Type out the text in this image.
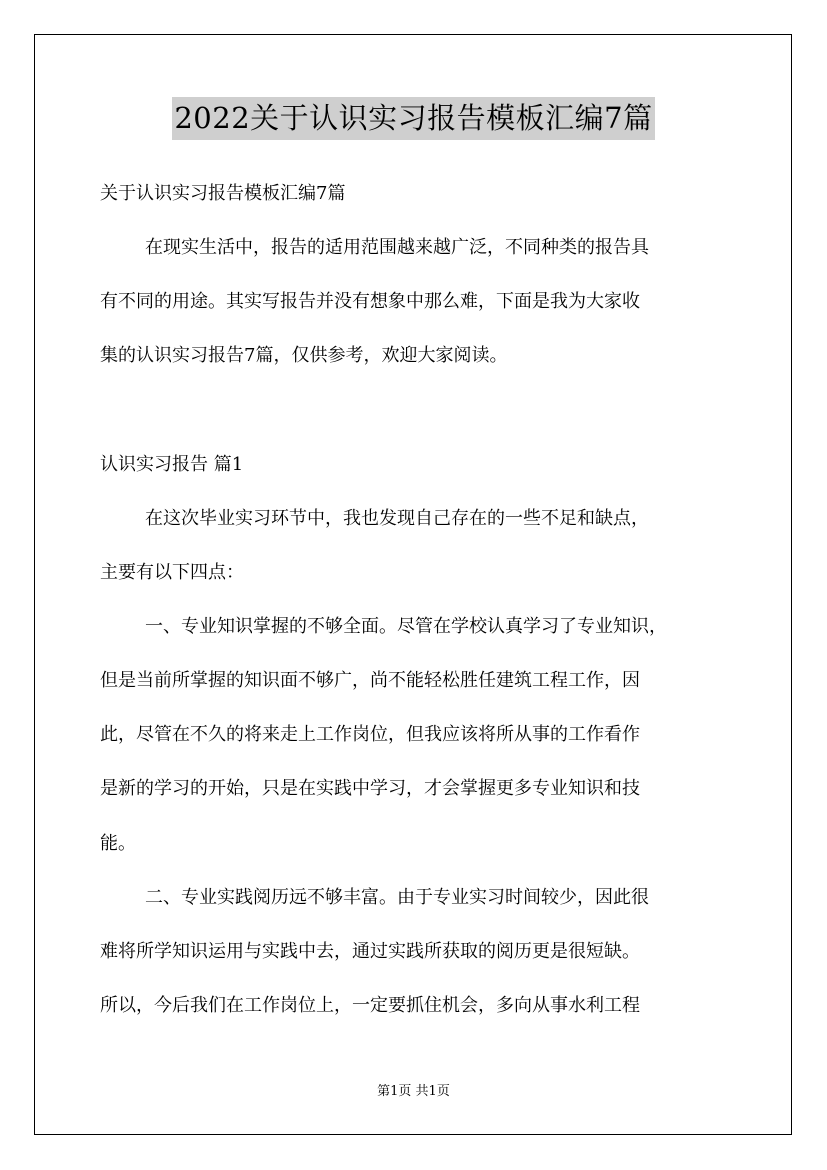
2022关于认识实习报告模板汇编7篇
关于认识实习报告模板汇编7篇
在现实生活中，报告的适用范围越来越广泛，不同种类的报告具
有不同的用途。其实写报告并没有想象中那么难，下面是我为大家收
集的认识实习报告7篇，仅供参考，欢迎大家阅读。
认识实习报告 篇1
在这次毕业实习环节中，我也发现自己存在的一些不足和缺点，
主要有以下四点：
一、专业知识掌握的不够全面。尽管在学校认真学习了专业知识，
但是当前所掌握的知识面不够广，尚不能轻松胜任建筑工程工作，因
此，尽管在不久的将来走上工作岗位，但我应该将所从事的工作看作
是新的学习的开始，只是在实践中学习，才会掌握更多专业知识和技
能。
二、专业实践阅历远不够丰富。由于专业实习时间较少，因此很
难将所学知识运用与实践中去，通过实践所获取的阅历更是很短缺。
所以，今后我们在工作岗位上，一定要抓住机会，多向从事水利工程
第1页 共1页
